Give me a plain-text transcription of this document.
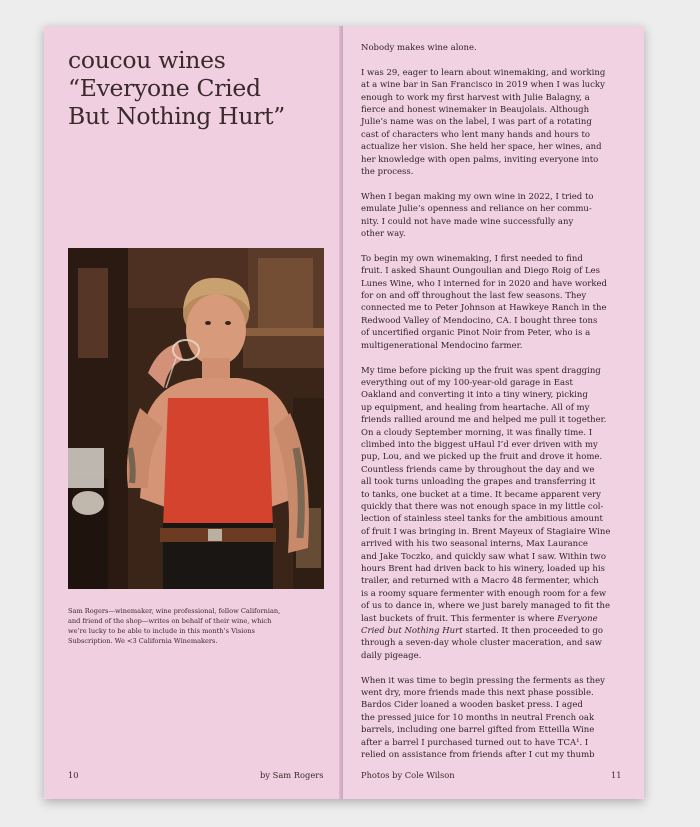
coucou wines
“Everyone Cried
But Nothing Hurt”

Sam Rogers—winemaker, wine professional, fellow Californian,

and friend of the shop—writes on behalf of their wine, which

we’re lucky to be able to include in this month’s Visions

Subscription. We <3 California Winemakers.

10	by Sam Rogers

Nobody makes wine alone.

I was 29, eager to learn about winemaking, and working
at a wine bar in San Francisco in 2019 when I was lucky
enough to work my first harvest with Julie Balagny, a
fierce and honest winemaker in Beaujolais. Although
Julie’s name was on the label, I was part of a rotating
cast of characters who lent many hands and hours to
actualize her vision. She held her space, her wines, and
her knowledge with open palms, inviting everyone into
the process.

When I began making my own wine in 2022, I tried to
emulate Julie’s openness and reliance on her commu-
nity. I could not have made wine successfully any
other way.

To begin my own winemaking, I first needed to find
fruit. I asked Shaunt Oungoulian and Diego Roig of Les
Lunes Wine, who I interned for in 2020 and have worked
for on and off throughout the last few seasons. They
connected me to Peter Johnson at Hawkeye Ranch in the
Redwood Valley of Mendocino, CA. I bought three tons
of uncertified organic Pinot Noir from Peter, who is a
multigenerational Mendocino farmer.

My time before picking up the fruit was spent dragging
everything out of my 100-year-old garage in East
Oakland and converting it into a tiny winery, picking
up equipment, and healing from heartache. All of my
friends rallied around me and helped me pull it together.
On a cloudy September morning, it was finally time. I
climbed into the biggest uHaul I’d ever driven with my
pup, Lou, and we picked up the fruit and drove it home.
Countless friends came by throughout the day and we
all took turns unloading the grapes and transferring it
to tanks, one bucket at a time. It became apparent very
quickly that there was not enough space in my little col-
lection of stainless steel tanks for the ambitious amount
of fruit I was bringing in. Brent Mayeux of Stagiaire Wine
arrived with his two seasonal interns, Max Laurance
and Jake Toczko, and quickly saw what I saw. Within two
hours Brent had driven back to his winery, loaded up his
trailer, and returned with a Macro 48 fermenter, which
is a roomy square fermenter with enough room for a few
of us to dance in, where we just barely managed to fit the
last buckets of fruit. This fermenter is where Everyone
Cried but Nothing Hurt started. It then proceeded to go
through a seven-day whole cluster maceration, and saw
daily pigeage.

When it was time to begin pressing the ferments as they
went dry, more friends made this next phase possible.
Bardos Cider loaned a wooden basket press. I aged
the pressed juice for 10 months in neutral French oak
barrels, including one barrel gifted from Etteilla Wine
after a barrel I purchased turned out to have TCA¹. I
relied on assistance from friends after I cut my thumb

Photos by Cole Wilson	11
